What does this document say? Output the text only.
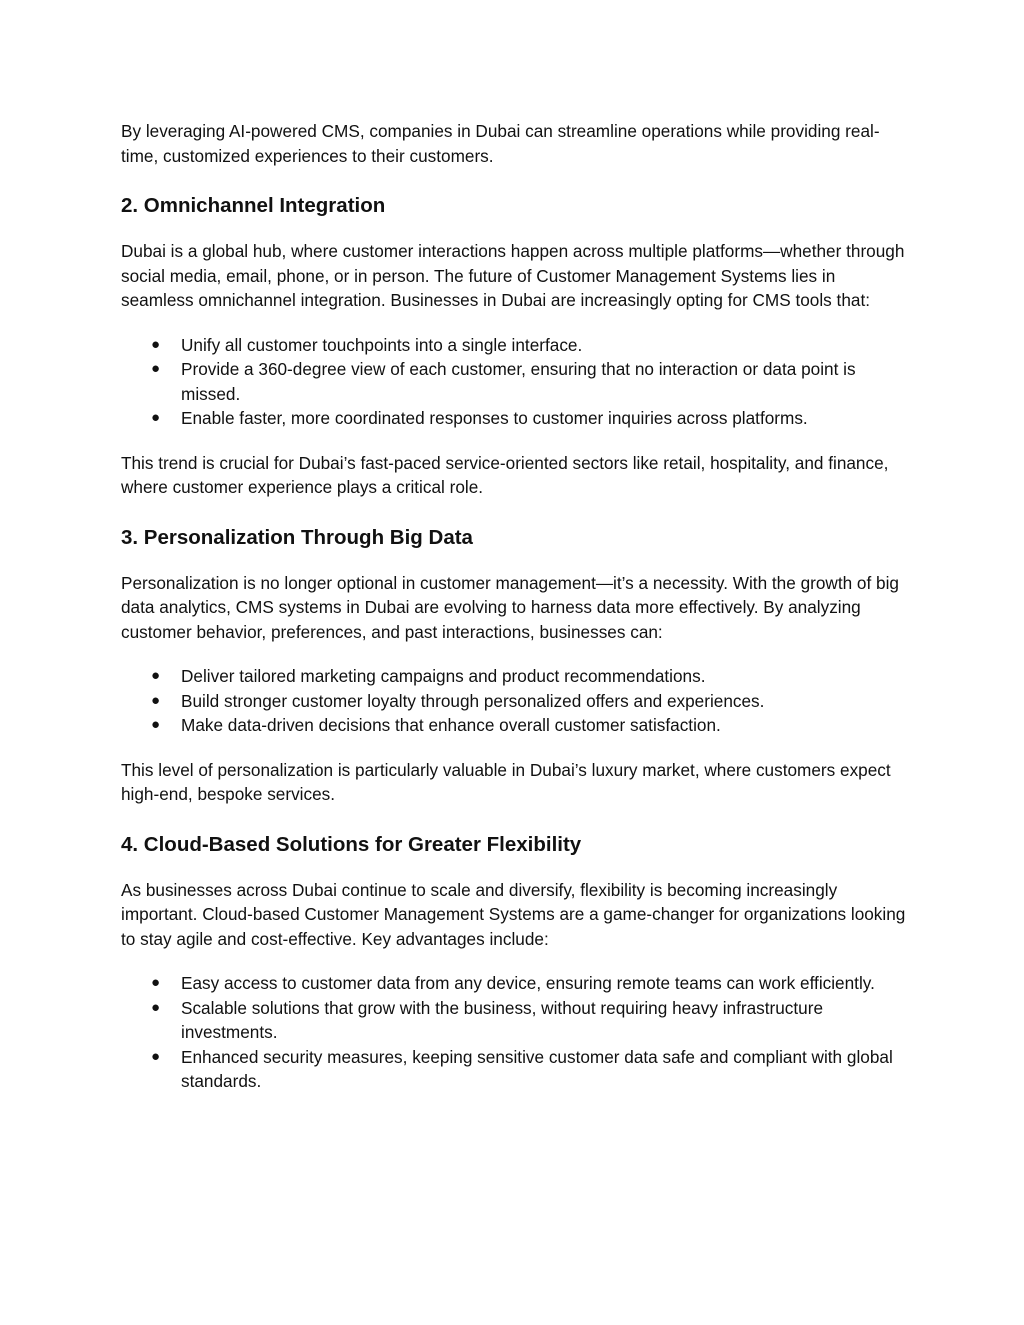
By leveraging AI-powered CMS, companies in Dubai can streamline operations while providing real-time, customized experiences to their customers.

2. Omnichannel Integration

Dubai is a global hub, where customer interactions happen across multiple platforms—whether through social media, email, phone, or in person. The future of Customer Management Systems lies in seamless omnichannel integration. Businesses in Dubai are increasingly opting for CMS tools that:

● Unify all customer touchpoints into a single interface.
● Provide a 360-degree view of each customer, ensuring that no interaction or data point is missed.
● Enable faster, more coordinated responses to customer inquiries across platforms.

This trend is crucial for Dubai’s fast-paced service-oriented sectors like retail, hospitality, and finance, where customer experience plays a critical role.

3. Personalization Through Big Data

Personalization is no longer optional in customer management—it’s a necessity. With the growth of big data analytics, CMS systems in Dubai are evolving to harness data more effectively. By analyzing customer behavior, preferences, and past interactions, businesses can:

● Deliver tailored marketing campaigns and product recommendations.
● Build stronger customer loyalty through personalized offers and experiences.
● Make data-driven decisions that enhance overall customer satisfaction.

This level of personalization is particularly valuable in Dubai’s luxury market, where customers expect high-end, bespoke services.

4. Cloud-Based Solutions for Greater Flexibility

As businesses across Dubai continue to scale and diversify, flexibility is becoming increasingly important. Cloud-based Customer Management Systems are a game-changer for organizations looking to stay agile and cost-effective. Key advantages include:

● Easy access to customer data from any device, ensuring remote teams can work efficiently.
● Scalable solutions that grow with the business, without requiring heavy infrastructure investments.
● Enhanced security measures, keeping sensitive customer data safe and compliant with global standards.
